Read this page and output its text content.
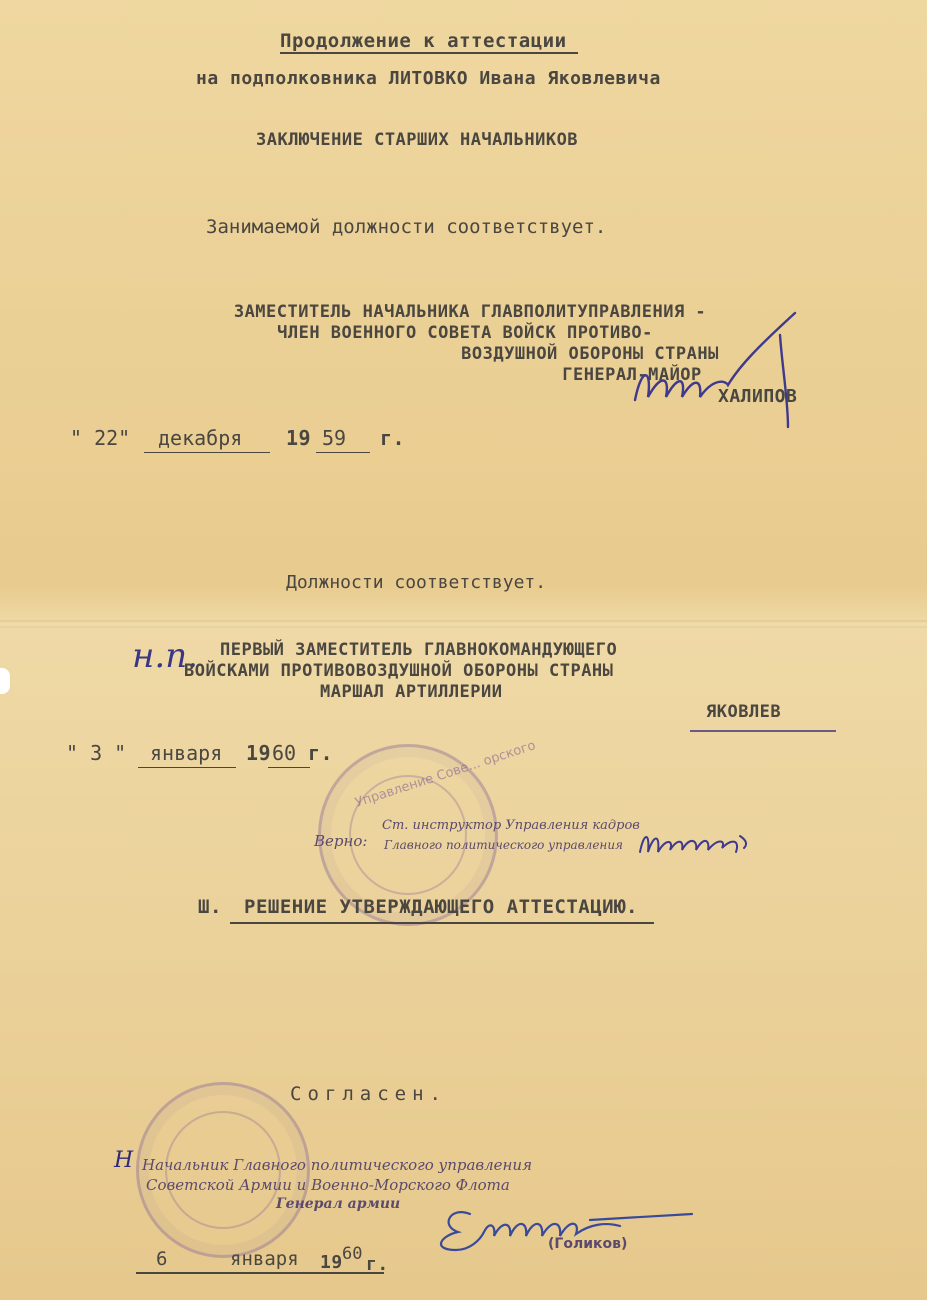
Продолжение к аттестации

на подполковника ЛИТОВКО Ивана Яковлевича

ЗАКЛЮЧЕНИЕ СТАРШИХ НАЧАЛЬНИКОВ

Занимаемой должности соответствует.

ЗАМЕСТИТЕЛЬ НАЧАЛЬНИКА ГЛАВПОЛИТУПРАВЛЕНИЯ -

ЧЛЕН ВОЕННОГО СОВЕТА ВОЙСК ПРОТИВО-

ВОЗДУШНОЙ ОБОРОНЫ СТРАНЫ

ГЕНЕРАЛ-МАЙОР

ХАЛИПОВ

" 22" декабря 19 59 г.

Должности соответствует.

н.п. ПЕРВЫЙ ЗАМЕСТИТЕЛЬ ГЛАВНОКОМАНДУЮЩЕГО

ВОЙСКАМИ ПРОТИВОВОЗДУШНОЙ ОБОРОНЫ СТРАНЫ

МАРШАЛ АРТИЛЛЕРИИ

ЯКОВЛЕВ

" 3 " января 19 60 г. Управление Сове... орского

Верно:

Ст. инструктор Управления кадров

Главного политического управления

Ш. РЕШЕНИЕ УТВЕРЖДАЮЩЕГО АТТЕСТАЦИЮ.

Согласен.

Н Начальник Главного политического управления

Советской Армии и Военно-Морского Флота

Генерал армии

(Голиков)

6	января 19 60 г.
